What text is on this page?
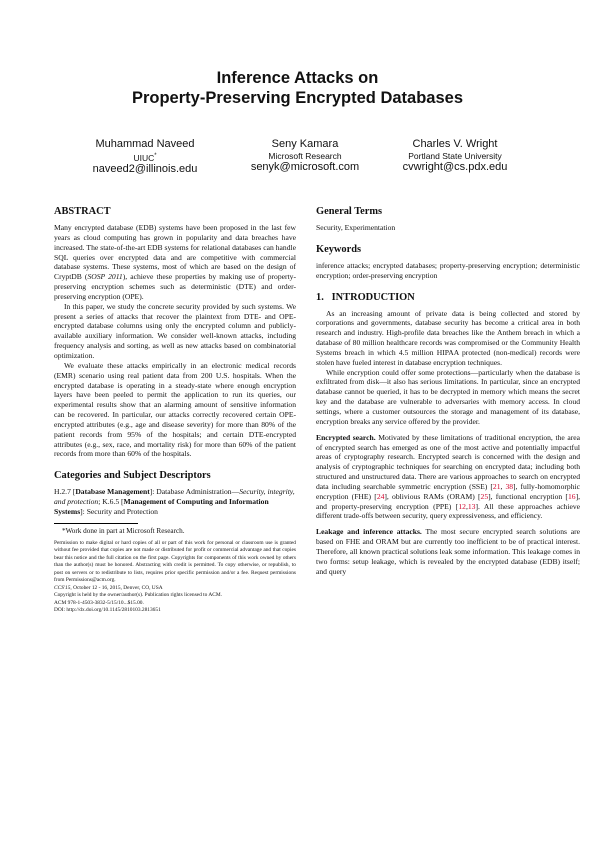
Inference Attacks on
Property-Preserving Encrypted Databases
Muhammad Naveed
UIUC*
naveed2@illinois.edu
Seny Kamara
Microsoft Research
senyk@microsoft.com
Charles V. Wright
Portland State University
cvwright@cs.pdx.edu
ABSTRACT

Many encrypted database (EDB) systems have been proposed in the last few years as cloud computing has grown in popularity and data breaches have increased. The state-of-the-art EDB systems for relational databases can handle SQL queries over encrypted data and are competitive with commercial database systems. These systems, most of which are based on the design of CryptDB (SOSP 2011), achieve these properties by making use of property-preserving encryption schemes such as deterministic (DTE) and order-preserving encryption (OPE).

In this paper, we study the concrete security provided by such systems. We present a series of attacks that recover the plaintext from DTE- and OPE-encrypted database columns using only the encrypted column and publicly-available auxiliary information. We consider well-known attacks, including frequency analysis and sorting, as well as new attacks based on combinatorial optimization.

We evaluate these attacks empirically in an electronic medical records (EMR) scenario using real patient data from 200 U.S. hospitals. When the encrypted database is operating in a steady-state where enough encryption layers have been peeled to permit the application to run its queries, our experimental results show that an alarming amount of sensitive information can be recovered. In particular, our attacks correctly recovered certain OPE-encrypted attributes (e.g., age and disease severity) for more than 80% of the patient records from 95% of the hospitals; and certain DTE-encrypted attributes (e.g., sex, race, and mortality risk) for more than 60% of the patient records from more than 60% of the hospitals.

Categories and Subject Descriptors

H.2.7 [Database Management]: Database Administration—Security, integrity, and protection; K.6.5 [Management of Computing and Information Systems]: Security and Protection

*Work done in part at Microsoft Research.

Permission to make digital or hard copies of all or part of this work for personal or classroom use is granted without fee provided that copies are not made or distributed for profit or commercial advantage and that copies bear this notice and the full citation on the first page. Copyrights for components of this work owned by others than the author(s) must be honored. Abstracting with credit is permitted. To copy otherwise, or republish, to post on servers or to redistribute to lists, requires prior specific permission and/or a fee. Request permissions from Permissions@acm.org.

CCS'15, October 12 - 16, 2015, Denver, CO, USA

Copyright is held by the owner/author(s). Publication rights licensed to ACM.

ACM 978-1-4503-3832-5/15/10...$15.00.

DOI: http://dx.doi.org/10.1145/2810103.2813651

General Terms

Security, Experimentation

Keywords

inference attacks; encrypted databases; property-preserving encryption; deterministic encryption; order-preserving encryption

1.   INTRODUCTION

As an increasing amount of private data is being collected and stored by corporations and governments, database security has become a critical area in both research and industry. High-profile data breaches like the Anthem breach in which a database of 80 million healthcare records was compromised or the Community Health Systems breach in which 4.5 million HIPAA protected (non-medical) records were stolen have fueled interest in database encryption techniques.

While encryption could offer some protections—particularly when the database is exfiltrated from disk—it also has serious limitations. In particular, since an encrypted database cannot be queried, it has to be decrypted in memory which means the secret key and the database are vulnerable to adversaries with memory access. In cloud settings, where a customer outsources the storage and management of its database, encryption breaks any service offered by the provider.

Encrypted search. Motivated by these limitations of traditional encryption, the area of encrypted search has emerged as one of the most active and potentially impactful areas of cryptography research. Encrypted search is concerned with the design and analysis of cryptographic techniques for searching on encrypted data; including both structured and unstructured data. There are various approaches to search on encrypted data including searchable symmetric encryption (SSE) [21, 38], fully-homomorphic encryption (FHE) [24], oblivious RAMs (ORAM) [25], functional encryption [16], and property-preserving encryption (PPE) [12,13]. All these approaches achieve different trade-offs between security, query expressiveness, and efficiency.

Leakage and inference attacks. The most secure encrypted search solutions are based on FHE and ORAM but are currently too inefficient to be of practical interest. Therefore, all known practical solutions leak some information. This leakage comes in two forms: setup leakage, which is revealed by the encrypted database (EDB) itself; and query
